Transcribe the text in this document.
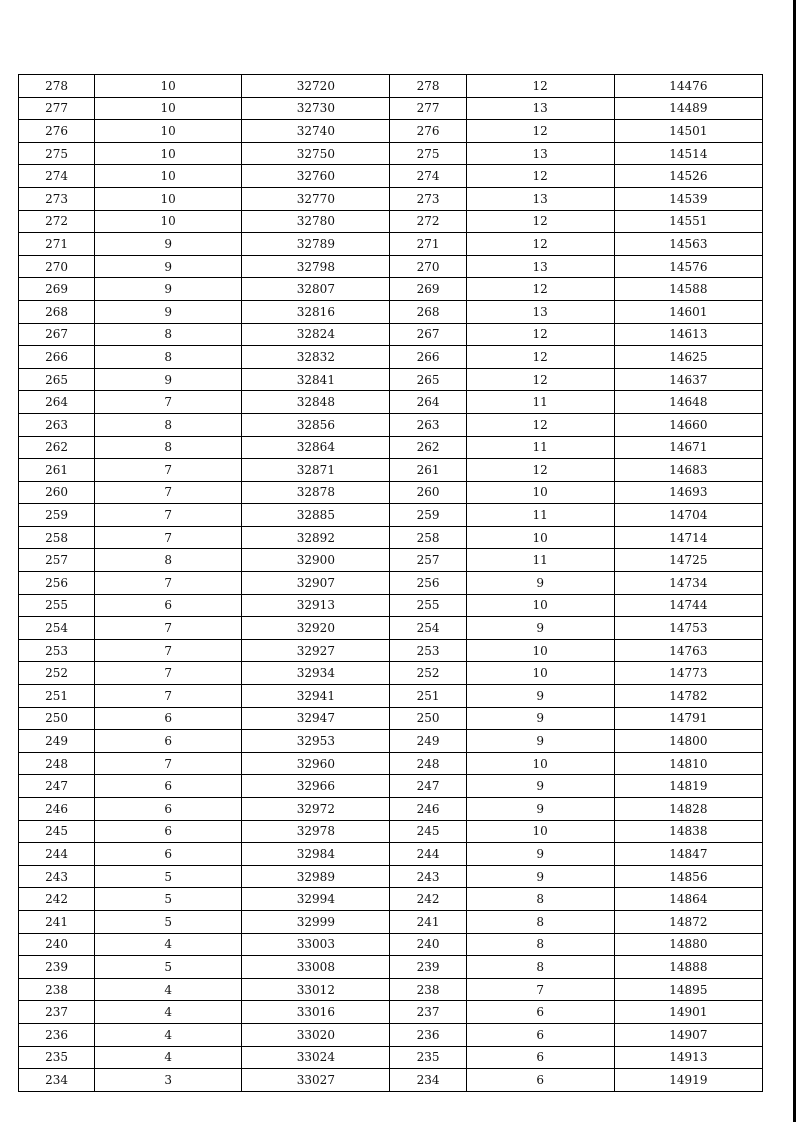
278	10	32720	278	12	14476
277	10	32730	277	13	14489
276	10	32740	276	12	14501
275	10	32750	275	13	14514
274	10	32760	274	12	14526
273	10	32770	273	13	14539
272	10	32780	272	12	14551
271	9	32789	271	12	14563
270	9	32798	270	13	14576
269	9	32807	269	12	14588
268	9	32816	268	13	14601
267	8	32824	267	12	14613
266	8	32832	266	12	14625
265	9	32841	265	12	14637
264	7	32848	264	11	14648
263	8	32856	263	12	14660
262	8	32864	262	11	14671
261	7	32871	261	12	14683
260	7	32878	260	10	14693
259	7	32885	259	11	14704
258	7	32892	258	10	14714
257	8	32900	257	11	14725
256	7	32907	256	9	14734
255	6	32913	255	10	14744
254	7	32920	254	9	14753
253	7	32927	253	10	14763
252	7	32934	252	10	14773
251	7	32941	251	9	14782
250	6	32947	250	9	14791
249	6	32953	249	9	14800
248	7	32960	248	10	14810
247	6	32966	247	9	14819
246	6	32972	246	9	14828
245	6	32978	245	10	14838
244	6	32984	244	9	14847
243	5	32989	243	9	14856
242	5	32994	242	8	14864
241	5	32999	241	8	14872
240	4	33003	240	8	14880
239	5	33008	239	8	14888
238	4	33012	238	7	14895
237	4	33016	237	6	14901
236	4	33020	236	6	14907
235	4	33024	235	6	14913
234	3	33027	234	6	14919
